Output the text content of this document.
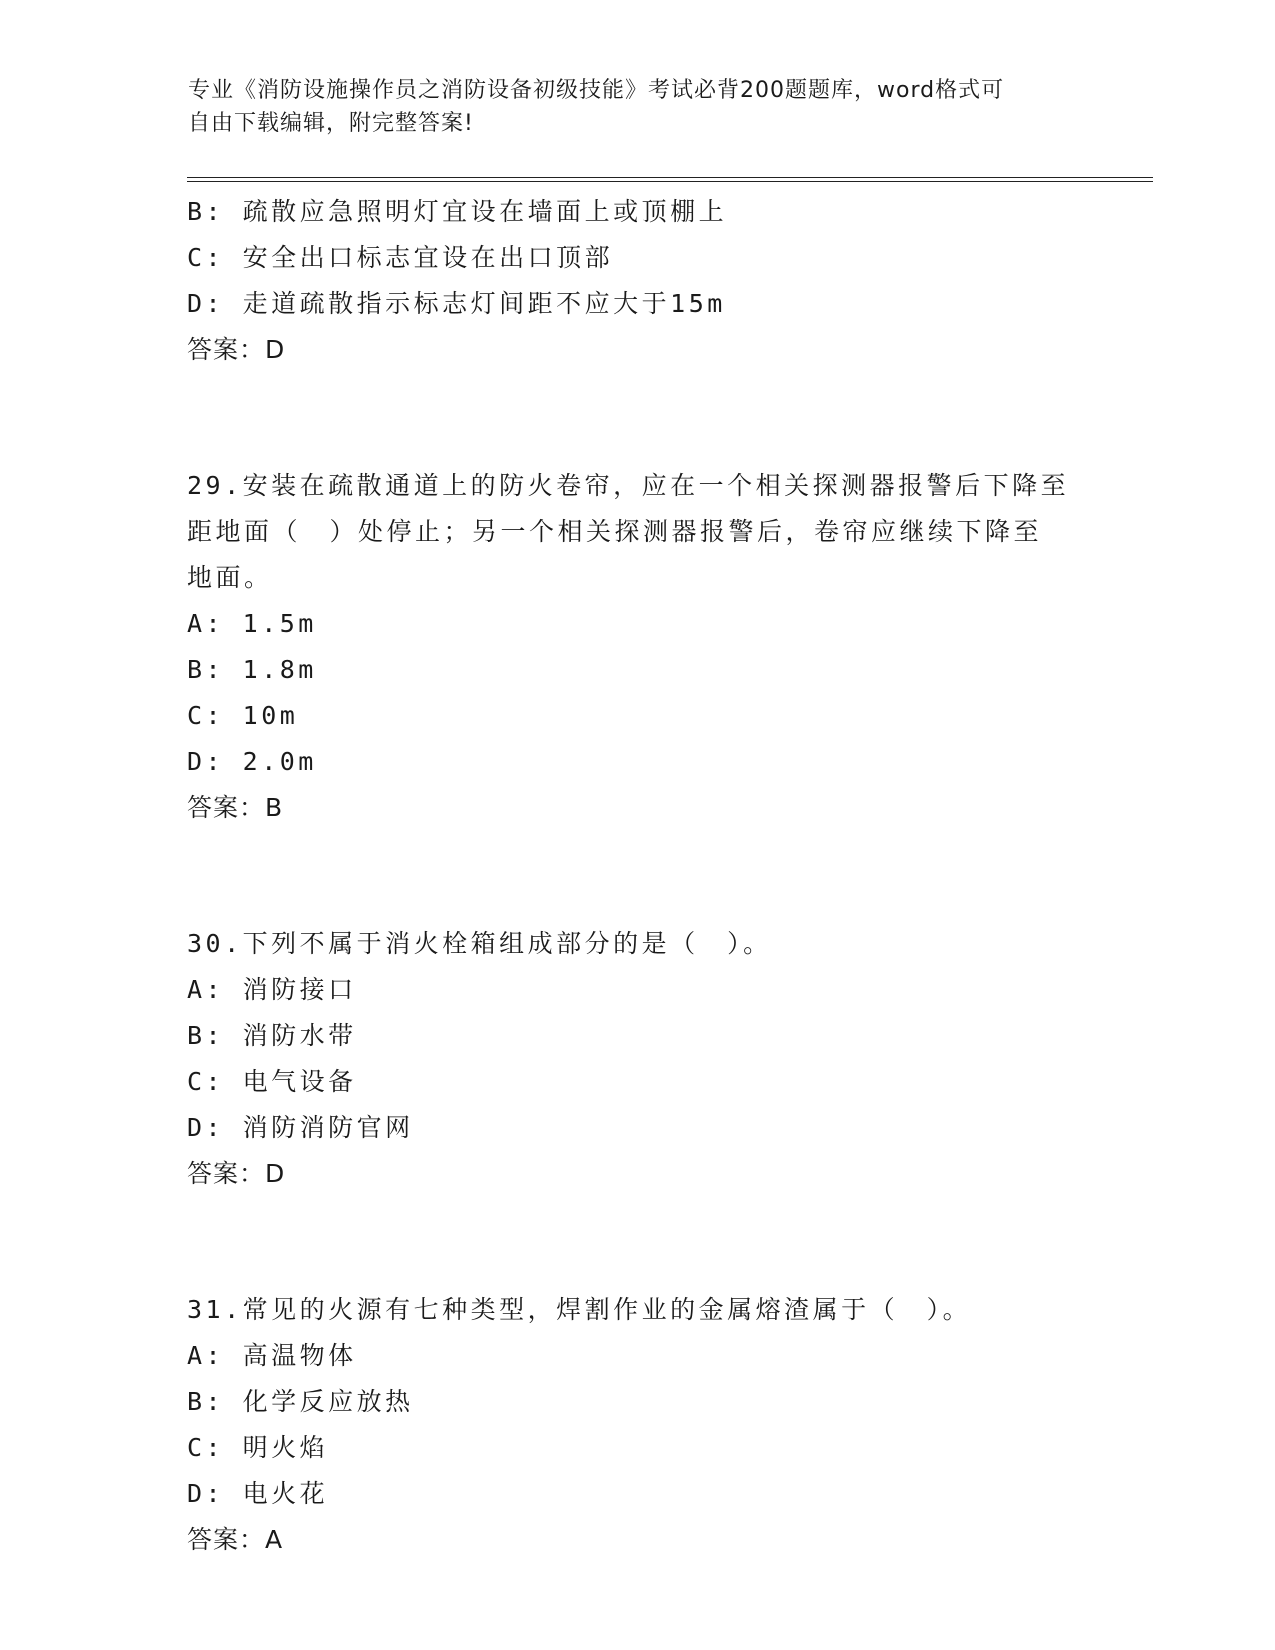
专业《消防设施操作员之消防设备初级技能》考试必背200题题库，word格式可
自由下载编辑，附完整答案!
B: 疏散应急照明灯宜设在墙面上或顶棚上
C: 安全出口标志宜设在出口顶部
D: 走道疏散指示标志灯间距不应大于15m
答案：D
29.安装在疏散通道上的防火卷帘，应在一个相关探测器报警后下降至
距地面（　）处停止；另一个相关探测器报警后，卷帘应继续下降至
地面。
A: 1.5m
B: 1.8m
C: 10m
D: 2.0m
答案：B
30.下列不属于消火栓箱组成部分的是（　）。
A: 消防接口
B: 消防水带
C: 电气设备
D: 消防消防官网
答案：D
31.常见的火源有七种类型，焊割作业的金属熔渣属于（　）。
A: 高温物体
B: 化学反应放热
C: 明火焰
D: 电火花
答案：A
